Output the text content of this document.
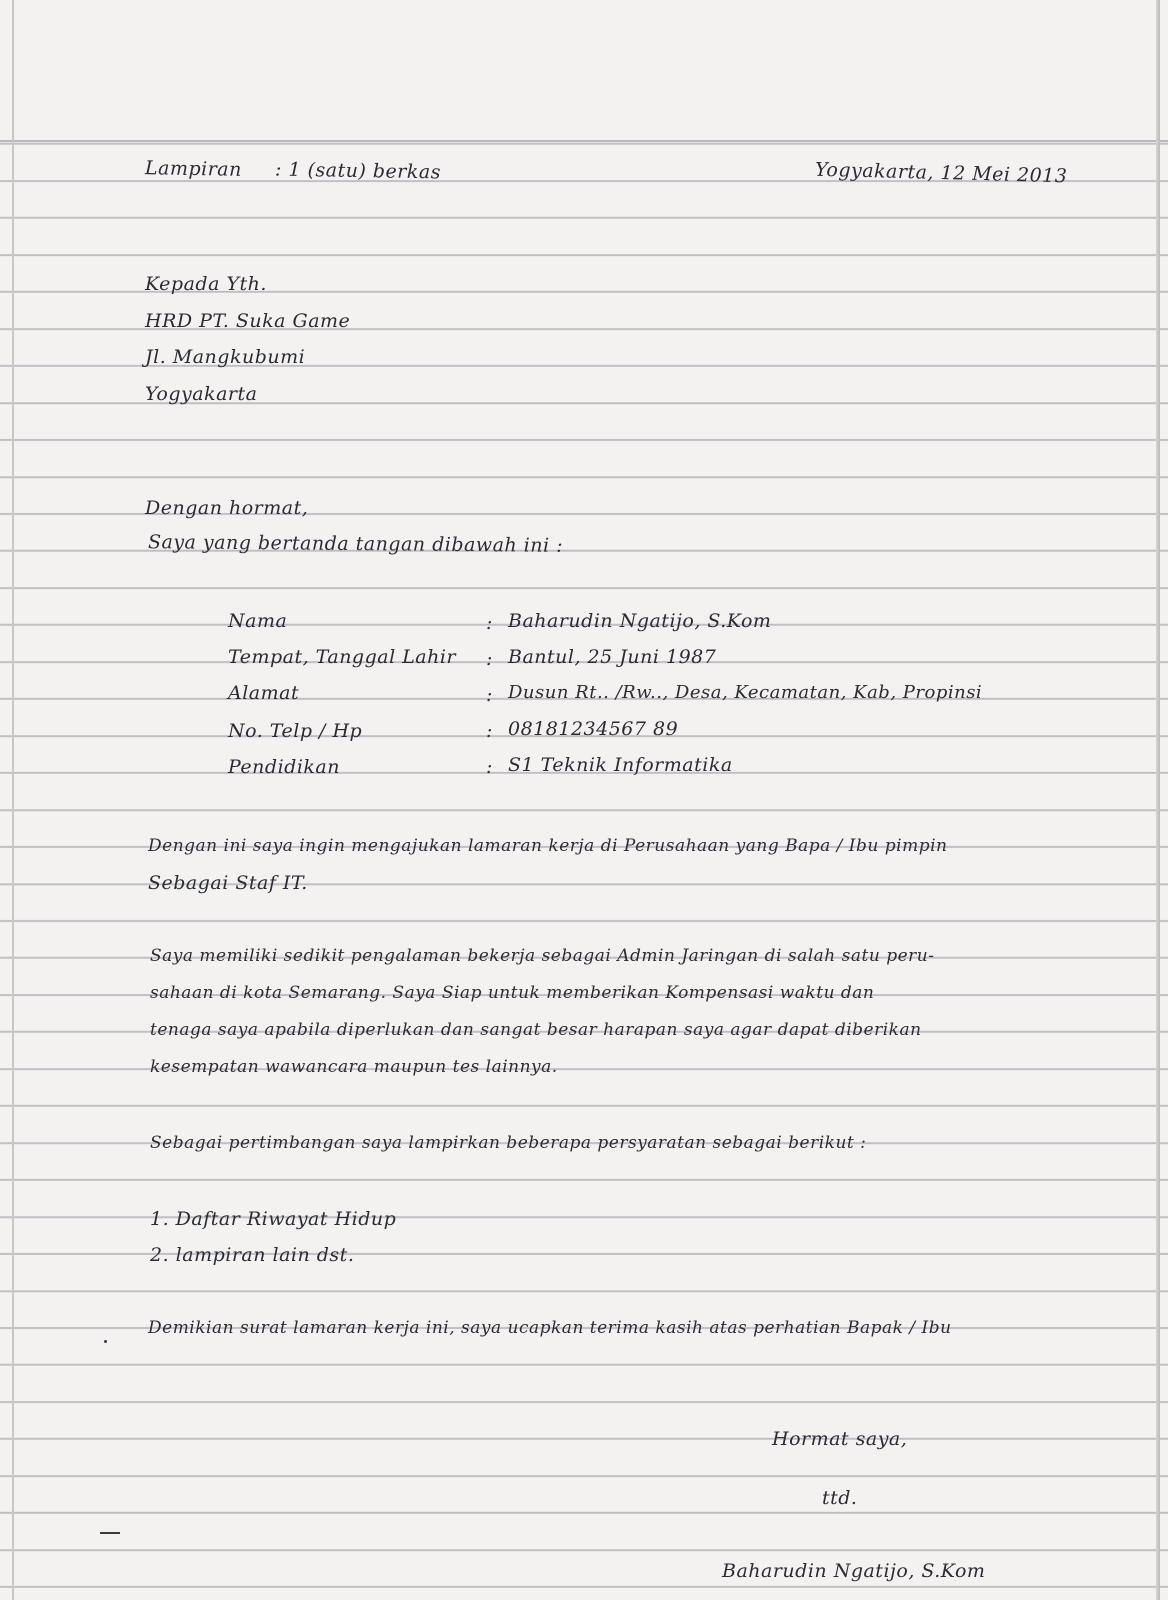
Lampiran : 1 (satu) berkas	Yogyakarta, 12 Mei 2013
Kepada Yth.
HRD PT. Suka Game
Jl. Mangkubumi
Yogyakarta
Dengan hormat,
Saya yang bertanda tangan dibawah ini :
Nama	: Baharudin Ngatijo, S.Kom
Tempat, Tanggal Lahir : Bantul, 25 Juni 1987
Alamat	: Dusun Rt.. /Rw.., Desa, Kecamatan, Kab, Propinsi
No. Telp / Hp	: 08181234567 89
Pendidikan	: S1 Teknik Informatika
Dengan ini saya ingin mengajukan lamaran kerja di Perusahaan yang Bapa / Ibu pimpin
Sebagai Staf IT.
Saya memiliki sedikit pengalaman bekerja sebagai Admin Jaringan di salah satu peru-
sahaan di kota Semarang. Saya Siap untuk memberikan Kompensasi waktu dan
tenaga saya apabila diperlukan dan sangat besar harapan saya agar dapat diberikan
kesempatan wawancara maupun tes lainnya.
Sebagai pertimbangan saya lampirkan beberapa persyaratan sebagai berikut :
1. Daftar Riwayat Hidup
2. lampiran lain dst.
Demikian surat lamaran kerja ini, saya ucapkan terima kasih atas perhatian Bapak / Ibu
Hormat saya,
ttd.
Baharudin Ngatijo, S.Kom
